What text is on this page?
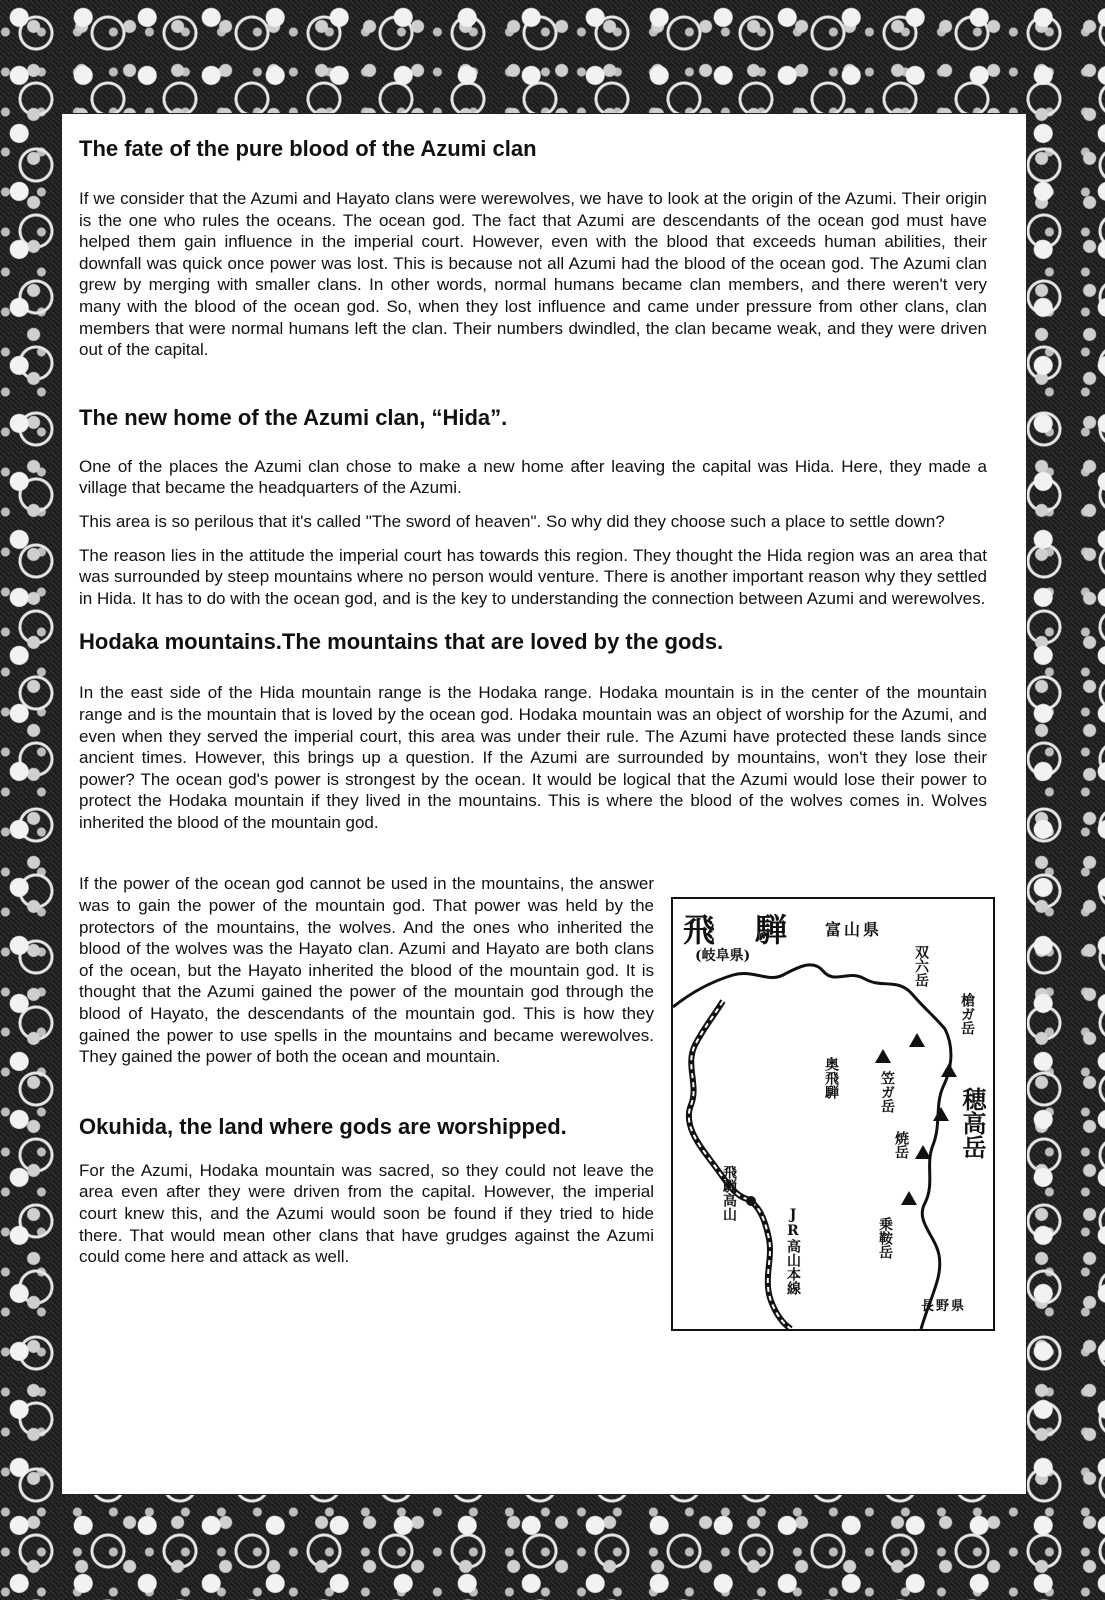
The fate of the pure blood of the Azumi clan

If we consider that the Azumi and Hayato clans were werewolves, we have to look at the origin of the Azumi. Their origin is the one who rules the oceans. The ocean god. The fact that Azumi are descendants of the ocean god must have helped them gain influence in the imperial court. However, even with the blood that exceeds human abilities, their downfall was quick once power was lost. This is because not all Azumi had the blood of the ocean god. The Azumi clan grew by merging with smaller clans. In other words, normal humans became clan members, and there weren't very many with the blood of the ocean god. So, when they lost influence and came under pressure from other clans, clan members that were normal humans left the clan. Their numbers dwindled, the clan became weak, and they were driven out of the capital.

The new home of the Azumi clan, “Hida”.

One of the places the Azumi clan chose to make a new home after leaving the capital was Hida. Here, they made a village that became the headquarters of the Azumi.

This area is so perilous that it's called "The sword of heaven". So why did they choose such a place to settle down?

The reason lies in the attitude the imperial court has towards this region. They thought the Hida region was an area that was surrounded by steep mountains where no person would venture. There is another important reason why they settled in Hida. It has to do with the ocean god, and is the key to understanding the connection between Azumi and werewolves.

Hodaka mountains.The mountains that are loved by the gods.

In the east side of the Hida mountain range is the Hodaka range. Hodaka mountain is in the center of the mountain range and is the mountain that is loved by the ocean god. Hodaka mountain was an object of worship for the Azumi, and even when they served the imperial court, this area was under their rule. The Azumi have protected these lands since ancient times. However, this brings up a question. If the Azumi are surrounded by mountains, won't they lose their power? The ocean god's power is strongest by the ocean. It would be logical that the Azumi would lose their power to protect the Hodaka mountain if they lived in the mountains. This is where the blood of the wolves comes in. Wolves inherited the blood of the mountain god.

If the power of the ocean god cannot be used in the mountains, the answer was to gain the power of the mountain god. That power was held by the protectors of the mountains, the wolves. And the ones who inherited the blood of the wolves was the Hayato clan. Azumi and Hayato are both clans of the ocean, but the Hayato inherited the blood of the mountain god. It is thought that the Azumi gained the power of the mountain god through the blood of Hayato, the descendants of the mountain god. This is how they gained the power to use spells in the mountains and became werewolves. They gained the power of both the ocean and mountain.

Okuhida, the land where gods are worshipped.

For the Azumi, Hodaka mountain was sacred, so they could not leave the area even after they were driven from the capital. However, the imperial court knew this, and the Azumi would soon be found if they tried to hide there. That would mean other clans that have grudges against the Azumi could come here and attack as well.

飛　騨
(岐阜県)
富山県
双六岳
槍ガ岳
笠ガ岳
奥飛騨
穂高岳
焼岳
乗鞍岳
飛騨高山
JR高山本線
長野県
